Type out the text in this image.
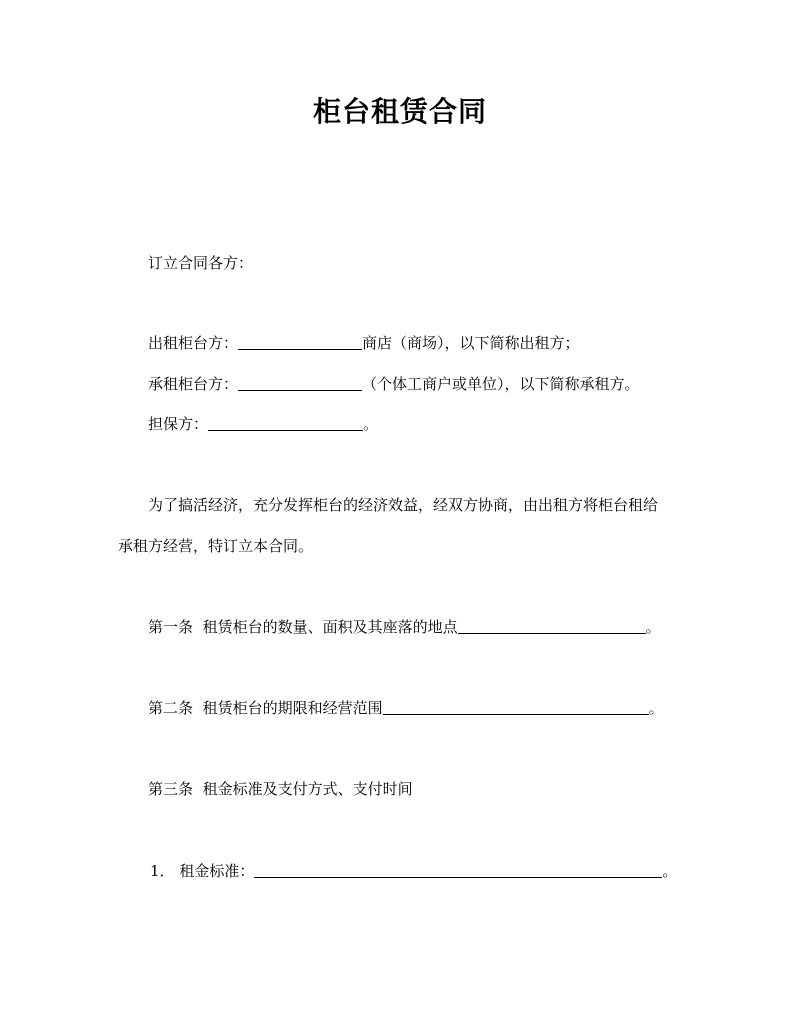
柜台租赁合同
订立合同各方：
出租柜台方：	商店（商场），以下简称出租方；
承租柜台方：	（个体工商户或单位），以下简称承租方。
担保方：	。
为了搞活经济，充分发挥柜台的经济效益，经双方协商，由出租方将柜台租给
承租方经营，特订立本合同。
第一条 租赁柜台的数量、面积及其座落的地点	。
第二条 租赁柜台的期限和经营范围	。
第三条 租金标准及支付方式、支付时间
1． 租金标准：	。
